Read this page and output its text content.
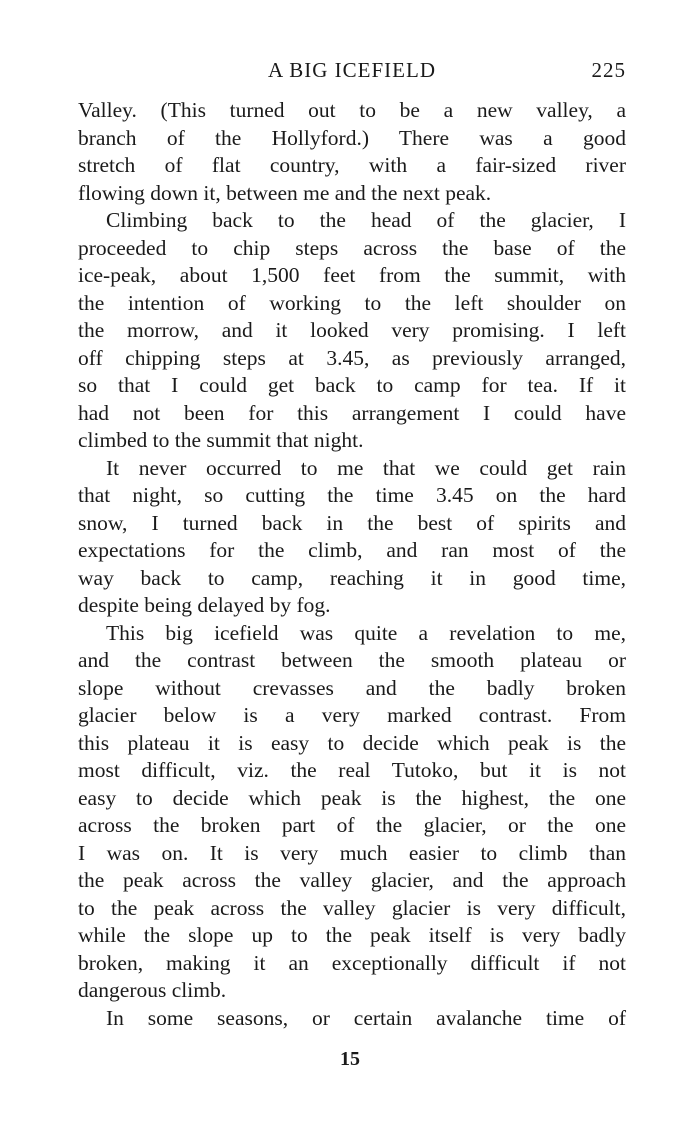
A BIG ICEFIELD	225

Valley. (This turned out to be a new valley, a
branch of the Hollyford.) There was a good
stretch of flat country, with a fair-sized river
flowing down it, between me and the next peak.

Climbing back to the head of the glacier, I
proceeded to chip steps across the base of the
ice-peak, about 1,500 feet from the summit, with
the intention of working to the left shoulder on
the morrow, and it looked very promising. I left
off chipping steps at 3.45, as previously arranged,
so that I could get back to camp for tea. If it
had not been for this arrangement I could have
climbed to the summit that night.

It never occurred to me that we could get rain
that night, so cutting the time 3.45 on the hard
snow, I turned back in the best of spirits and
expectations for the climb, and ran most of the
way back to camp, reaching it in good time,
despite being delayed by fog.

This big icefield was quite a revelation to me,
and the contrast between the smooth plateau or
slope without crevasses and the badly broken
glacier below is a very marked contrast. From
this plateau it is easy to decide which peak is the
most difficult, viz. the real Tutoko, but it is not
easy to decide which peak is the highest, the one
across the broken part of the glacier, or the one
I was on. It is very much easier to climb than
the peak across the valley glacier, and the approach
to the peak across the valley glacier is very difficult,
while the slope up to the peak itself is very badly
broken, making it an exceptionally difficult if not
dangerous climb.

In some seasons, or certain avalanche time of

15
